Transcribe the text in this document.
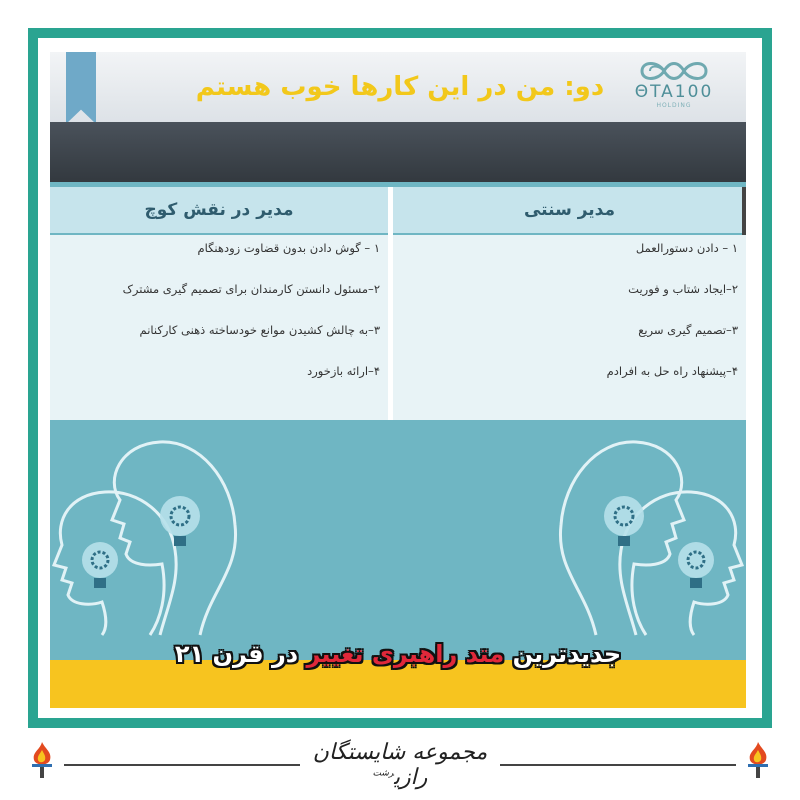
ΘTA100
HOLDING
دو: من در این کارها خوب هستم
مدیر سنتی
مدیر در نقش کوچ
۱ – دادن دستورالعمل
۲–ایجاد شتاب و فوریت
۳–تصمیم گیری سریع
۴–پیشنهاد راه حل به افرادم
۱ – گوش دادن بدون قضاوت زودهنگام
۲–مسئول دانستن کارمندان برای تصمیم گیری مشترک
۳–به چالش کشیدن موانع خودساخته ذهنی کارکنانم
۴–ارائه بازخورد
جدیدترین متد راهبری تغییر در قرن ۲۱
مجموعه شایستگان رازی$^{رشت}$
